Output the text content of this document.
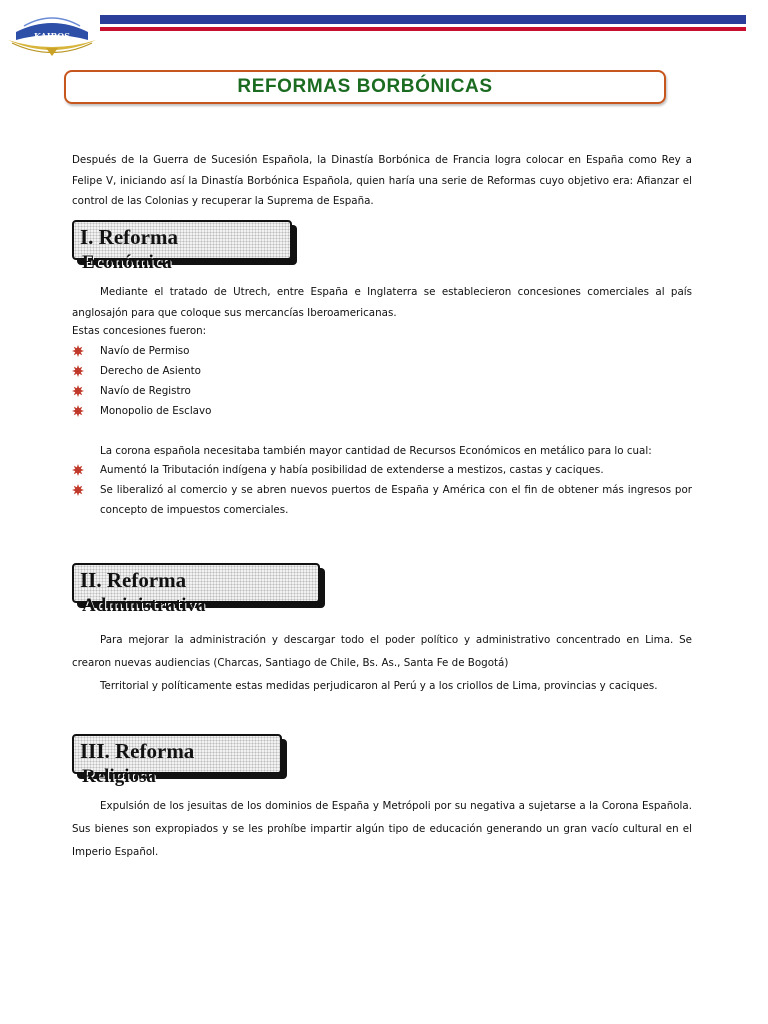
KAIROS
REFORMAS BORBÓNICAS

Después de la Guerra de Sucesión Española, la Dinastía Borbónica de Francia logra colocar en España como Rey a Felipe V, iniciando así la Dinastía Borbónica Española, quien haría una serie de Reformas cuyo objetivo era: Afianzar el control de las Colonias y recuperar la Suprema de España.

I. Reforma
Económica

Mediante el tratado de Utrech, entre España e Inglaterra se establecieron concesiones comerciales al país anglosajón para que coloque sus mercancías Iberoamericanas.

Estas concesiones fueron:

Navío de Permiso
Derecho de Asiento
Navío de Registro
Monopolio de Esclavo

La corona española necesitaba también mayor cantidad de Recursos Económicos en metálico para lo cual:

Aumentó la Tributación indígena y había posibilidad de extenderse a mestizos, castas y caciques.
Se liberalizó al comercio y se abren nuevos puertos de España y América con el fin de obtener más ingresos por concepto de impuestos comerciales.
II. Reforma
Administrativa

Para mejorar la administración y descargar todo el poder político y administrativo concentrado en Lima. Se crearon nuevas audiencias (Charcas, Santiago de Chile, Bs. As., Santa Fe de Bogotá)

Territorial y políticamente estas medidas perjudicaron al Perú y a los criollos de Lima, provincias y caciques.

III. Reforma
Religiosa

Expulsión de los jesuitas de los dominios de España y Metrópoli por su negativa a sujetarse a la Corona Española. Sus bienes son expropiados y se les prohíbe impartir algún tipo de educación generando un gran vacío cultural en el Imperio Español.
